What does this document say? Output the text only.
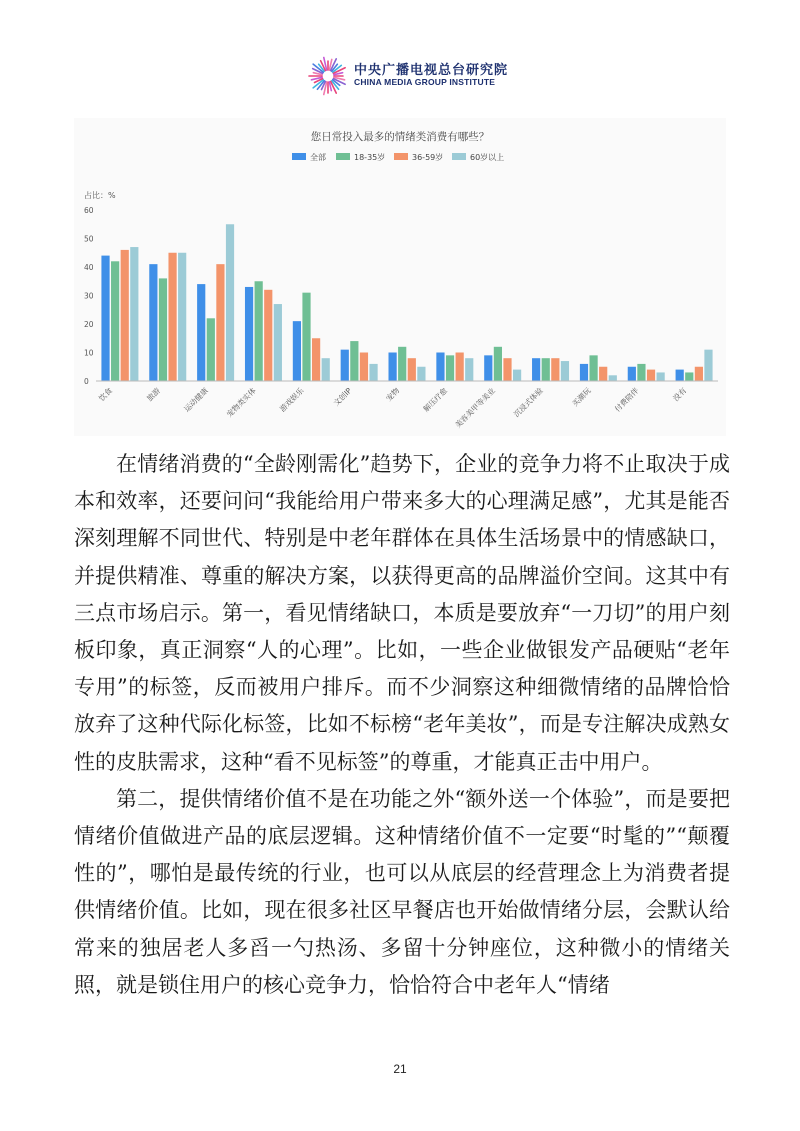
中央广播电视总台研究院
CHINA MEDIA GROUP INSTITUTE
您日常投入最多的情绪类消费有哪些？
占比：%
全部	18-35岁	36-59岁	60岁以上
0
10
20
30
40
50
60
饮食	旅游	运动健康 宠物类实体	游戏娱乐	文创IP	宠物	解压疗愈 美容美甲等美业 沉浸式体验	买潮玩	付费陪伴	没有

在情绪消费的“全龄刚需化”趋势下，企业的竞争力将不止取决于成本和效率，还要问问“我能给用户带来多大的心理满足感”，尤其是能否深刻理解不同世代、特别是中老年群体在具体生活场景中的情感缺口，并提供精准、尊重的解决方案，以获得更高的品牌溢价空间。这其中有三点市场启示。第一，看见情绪缺口，本质是要放弃“一刀切”的用户刻板印象，真正洞察“人的心理”。比如，一些企业做银发产品硬贴“老年专用”的标签，反而被用户排斥。而不少洞察这种细微情绪的品牌恰恰放弃了这种代际化标签，比如不标榜“老年美妆”，而是专注解决成熟女性的皮肤需求，这种“看不见标签”的尊重，才能真正击中用户。

第二，提供情绪价值不是在功能之外“额外送一个体验”，而是要把情绪价值做进产品的底层逻辑。这种情绪价值不一定要“时髦的”“颠覆性的”，哪怕是最传统的行业，也可以从底层的经营理念上为消费者提供情绪价值。比如，现在很多社区早餐店也开始做情绪分层，会默认给常来的独居老人多舀一勺热汤、多留十分钟座位，这种微小的情绪关照，就是锁住用户的核心竞争力，恰恰符合中老年人“情绪

21
